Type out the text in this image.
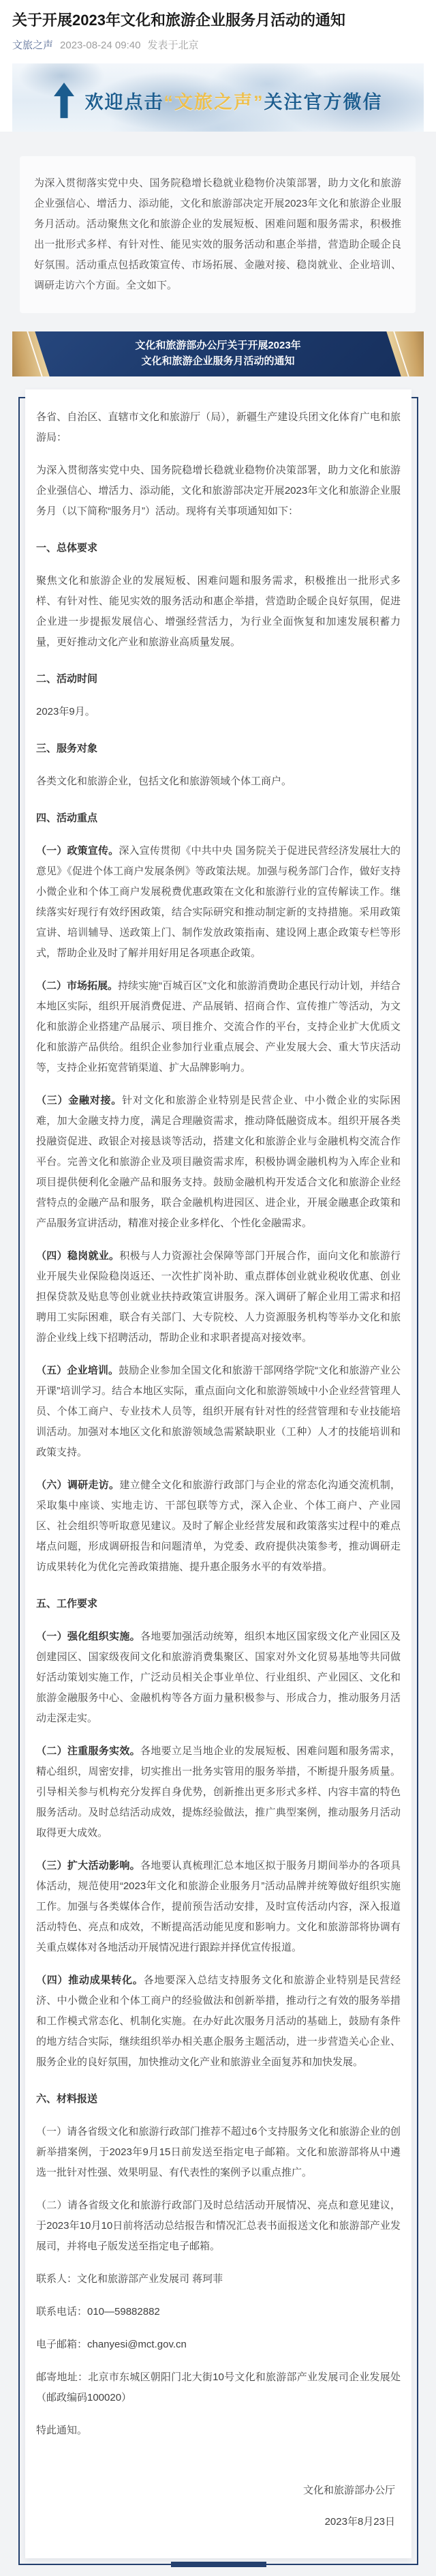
关于开展2023年文化和旅游企业服务月活动的通知
文旅之声 2023-08-24 09:40 发表于北京
欢迎点击“文旅之声”关注官方微信
为深入贯彻落实党中央、国务院稳增长稳就业稳物价决策部署，助力文化和旅游企业强信心、增活力、添动能，文化和旅游部决定开展2023年文化和旅游企业服务月活动。活动聚焦文化和旅游企业的发展短板、困难问题和服务需求，积极推出一批形式多样、有针对性、能见实效的服务活动和惠企举措，营造助企暖企良好氛围。活动重点包括政策宣传、市场拓展、金融对接、稳岗就业、企业培训、调研走访六个方面。全文如下。
文化和旅游部办公厅关于开展2023年
文化和旅游企业服务月活动的通知

各省、自治区、直辖市文化和旅游厅（局），新疆生产建设兵团文化体育广电和旅游局：

为深入贯彻落实党中央、国务院稳增长稳就业稳物价决策部署，助力文化和旅游企业强信心、增活力、添动能，文化和旅游部决定开展2023年文化和旅游企业服务月（以下简称“服务月”）活动。现将有关事项通知如下：

一、总体要求

聚焦文化和旅游企业的发展短板、困难问题和服务需求，积极推出一批形式多样、有针对性、能见实效的服务活动和惠企举措，营造助企暖企良好氛围，促进企业进一步提振发展信心、增强经营活力，为行业全面恢复和加速发展积蓄力量，更好推动文化产业和旅游业高质量发展。

二、活动时间

2023年9月。

三、服务对象

各类文化和旅游企业，包括文化和旅游领域个体工商户。

四、活动重点

（一）政策宣传。深入宣传贯彻《中共中央 国务院关于促进民营经济发展壮大的意见》《促进个体工商户发展条例》等政策法规。加强与税务部门合作，做好支持小微企业和个体工商户发展税费优惠政策在文化和旅游行业的宣传解读工作。继续落实好现行有效纾困政策，结合实际研究和推动制定新的支持措施。采用政策宣讲、培训辅导、送政策上门、制作发放政策指南、建设网上惠企政策专栏等形式，帮助企业及时了解并用好用足各项惠企政策。

（二）市场拓展。持续实施“百城百区”文化和旅游消费助企惠民行动计划，并结合本地区实际，组织开展消费促进、产品展销、招商合作、宣传推广等活动，为文化和旅游企业搭建产品展示、项目推介、交流合作的平台，支持企业扩大优质文化和旅游产品供给。组织企业参加行业重点展会、产业发展大会、重大节庆活动等，支持企业拓宽营销渠道、扩大品牌影响力。

（三）金融对接。针对文化和旅游企业特别是民营企业、中小微企业的实际困难，加大金融支持力度，满足合理融资需求，推动降低融资成本。组织开展各类投融资促进、政银企对接恳谈等活动，搭建文化和旅游企业与金融机构交流合作平台。完善文化和旅游企业及项目融资需求库，积极协调金融机构为入库企业和项目提供便利化金融产品和服务支持。鼓励金融机构开发适合文化和旅游企业经营特点的金融产品和服务，联合金融机构进园区、进企业，开展金融惠企政策和产品服务宣讲活动，精准对接企业多样化、个性化金融需求。

（四）稳岗就业。积极与人力资源社会保障等部门开展合作，面向文化和旅游行业开展失业保险稳岗返还、一次性扩岗补助、重点群体创业就业税收优惠、创业担保贷款及贴息等创业就业扶持政策宣讲服务。深入调研了解企业用工需求和招聘用工实际困难，联合有关部门、大专院校、人力资源服务机构等举办文化和旅游企业线上线下招聘活动，帮助企业和求职者提高对接效率。

（五）企业培训。鼓励企业参加全国文化和旅游干部网络学院“文化和旅游产业公开课”培训学习。结合本地区实际，重点面向文化和旅游领域中小企业经营管理人员、个体工商户、专业技术人员等，组织开展有针对性的经营管理和专业技能培训活动。加强对本地区文化和旅游领域急需紧缺职业（工种）人才的技能培训和政策支持。

（六）调研走访。建立健全文化和旅游行政部门与企业的常态化沟通交流机制，采取集中座谈、实地走访、干部包联等方式，深入企业、个体工商户、产业园区、社会组织等听取意见建议。及时了解企业经营发展和政策落实过程中的难点堵点问题，形成调研报告和问题清单，为党委、政府提供决策参考，推动调研走访成果转化为优化完善政策措施、提升惠企服务水平的有效举措。

五、工作要求

（一）强化组织实施。各地要加强活动统筹，组织本地区国家级文化产业园区及创建园区、国家级夜间文化和旅游消费集聚区、国家对外文化贸易基地等共同做好活动策划实施工作，广泛动员相关企事业单位、行业组织、产业园区、文化和旅游金融服务中心、金融机构等各方面力量积极参与、形成合力，推动服务月活动走深走实。

（二）注重服务实效。各地要立足当地企业的发展短板、困难问题和服务需求，精心组织，周密安排，切实推出一批务实管用的服务举措，不断提升服务质量。引导相关参与机构充分发挥自身优势，创新推出更多形式多样、内容丰富的特色服务活动。及时总结活动成效，提炼经验做法，推广典型案例，推动服务月活动取得更大成效。

（三）扩大活动影响。各地要认真梳理汇总本地区拟于服务月期间举办的各项具体活动，规范使用“2023年文化和旅游企业服务月”活动品牌并统筹做好组织实施工作。加强与各类媒体合作，提前预告活动安排，及时宣传活动内容，深入报道活动特色、亮点和成效，不断提高活动能见度和影响力。文化和旅游部将协调有关重点媒体对各地活动开展情况进行跟踪并择优宣传报道。

（四）推动成果转化。各地要深入总结支持服务文化和旅游企业特别是民营经济、中小微企业和个体工商户的经验做法和创新举措，推动行之有效的服务举措和工作模式常态化、机制化实施。在办好此次服务月活动的基础上，鼓励有条件的地方结合实际，继续组织举办相关惠企服务主题活动，进一步营造关心企业、服务企业的良好氛围，加快推动文化产业和旅游业全面复苏和加快发展。

六、材料报送

（一）请各省级文化和旅游行政部门推荐不超过6个支持服务文化和旅游企业的创新举措案例，于2023年9月15日前发送至指定电子邮箱。文化和旅游部将从中遴选一批针对性强、效果明显、有代表性的案例予以重点推广。

（二）请各省级文化和旅游行政部门及时总结活动开展情况、亮点和意见建议，于2023年10月10日前将活动总结报告和情况汇总表书面报送文化和旅游部产业发展司，并将电子版发送至指定电子邮箱。

联系人：文化和旅游部产业发展司 蒋珂菲

联系电话：010—59882882

电子邮箱：chanyesi@mct.gov.cn

邮寄地址：北京市东城区朝阳门北大街10号文化和旅游部产业发展司企业发展处（邮政编码100020）

特此通知。

文化和旅游部办公厅

2023年8月23日
